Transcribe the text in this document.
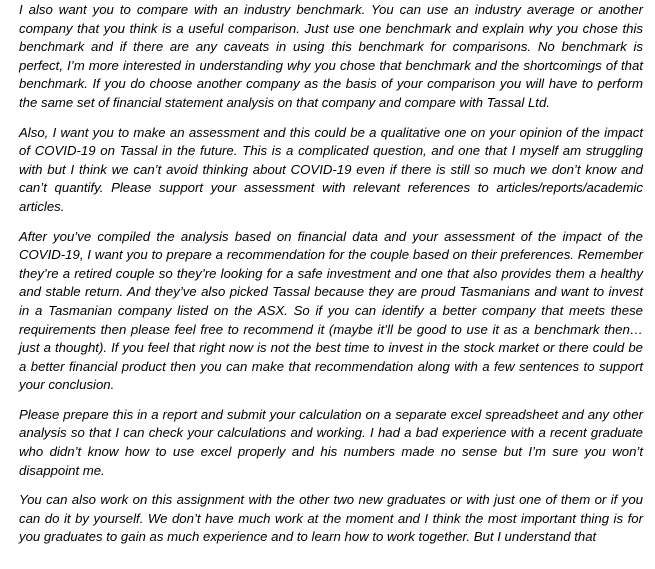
I also want you to compare with an industry benchmark. You can use an industry average or another company that you think is a useful comparison. Just use one benchmark and explain why you chose this benchmark and if there are any caveats in using this benchmark for comparisons. No benchmark is perfect, I’m more interested in understanding why you chose that benchmark and the shortcomings of that benchmark. If you do choose another company as the basis of your comparison you will have to perform the same set of financial statement analysis on that company and compare with Tassal Ltd.

Also, I want you to make an assessment and this could be a qualitative one on your opinion of the impact of COVID-19 on Tassal in the future. This is a complicated question, and one that I myself am struggling with but I think we can’t avoid thinking about COVID-19 even if there is still so much we don’t know and can’t quantify. Please support your assessment with relevant references to articles/reports/academic articles.

After you’ve compiled the analysis based on financial data and your assessment of the impact of the COVID-19, I want you to prepare a recommendation for the couple based on their preferences. Remember they’re a retired couple so they’re looking for a safe investment and one that also provides them a healthy and stable return. And they’ve also picked Tassal because they are proud Tasmanians and want to invest in a Tasmanian company listed on the ASX. So if you can identify a better company that meets these requirements then please feel free to recommend it (maybe it’ll be good to use it as a benchmark then…just a thought). If you feel that right now is not the best time to invest in the stock market or there could be a better financial product then you can make that recommendation along with a few sentences to support your conclusion.

Please prepare this in a report and submit your calculation on a separate excel spreadsheet and any other analysis so that I can check your calculations and working. I had a bad experience with a recent graduate who didn’t know how to use excel properly and his numbers made no sense but I’m sure you won’t disappoint me.

You can also work on this assignment with the other two new graduates or with just one of them or if you can do it by yourself. We don’t have much work at the moment and I think the most important thing is for you graduates to gain as much experience and to learn how to work together. But I understand that
